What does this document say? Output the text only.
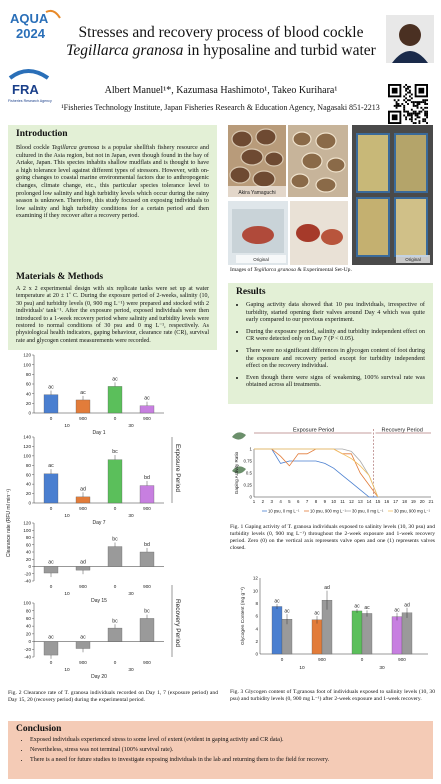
AQUA
2024
FRA
Fisheries Research Agency
Stresses and recovery process of blood cockle
Tegillarca granosa in hyposaline and turbid water
Albert Manuel¹*, Kazumasa Hashimoto¹, Takeo Kurihara¹
¹Fisheries Technology Institute, Japan Fisheries Research & Education Agency, Nagasaki 851-2213
Introduction
Blood cockle Tegillarca granosa is a popular shellfish fishery resource and cultured in the Asia region, but not in Japan, even though found in the bay of Ariake, Japan. This species inhabits shallow mudflats and is thought to have a high tolerance level against different types of stressors. However, with on-going changes to coastal marine environmental factors due to anthropogenic changes, climate change, etc., this particular species tolerance level to prolonged low salinity and high turbidity levels which occur during the rainy season is unknown. Therefore, this study focused on exposing individuals to low salinity and high turbidity conditions for a certain period and then examining if they recover after a recovery period.
Akira Yamaguchi
Original	Original
Images of Tegillarca granosa & Experimental Set-Up.
Materials & Methods
A 2 x 2 experimental design with six replicate tanks were set up at water temperature at 20 ± 1˚ C. During the exposure period of 2-weeks, salinity (10, 30 psu) and turbidity levels (0, 900 mg L⁻¹) were prepared and stocked with 2 individuals' tank⁻¹. After the exposure period, exposed individuals were then introduced to a 1-week recovery period where salinity and turbidity levels were restored to normal conditions of 30 psu and 0 mg L⁻¹, respectively. As physiological health indicators, gaping behaviour, clearance rate (CR), survival rate and glycogen content measurements were recorded.
Results
• Gaping activity data showed that 10 psu individuals, irrespective of turbidity, started opening their valves around Day 4 which was quite early compared to our previous experiment.
• During the exposure period, salinity and turbidity independent effect on CR were detected only on Day 7 (P < 0.05).
• There were no significant differences in glycogen content of foot during the exposure and recovery period except for turbidity independent effect on the recovery individual.
• Even though there were signs of weakening, 100% survival rate was obtained across all treatments.
0
20
40
60
80
100
120
ac
0
ac
900
ac
0
ac
900
10	30
Day 1
0
20
40
60
80
100
120
140
ac
0
ad
900
bc
0
bd
900
10	30
Day 7
-40
-20
0
20
40
60
80
100
120
ac
0
ad
900
bc
0
bd
900
10	30
Day 15
-40
-20
0
20
40
60
80
100
ac
0
ac
900
bc
0
bc
900
10	30
Day 20
Clearance rate (RFU ml min⁻¹)
Exposure Period
Recovery Period
Fig. 2 Clearance rate of T. granosa individuals recorded on Day 1, 7 (exposure period) and Day 15, 20 (recovery period) during the experimental period.
Exposure Period	Recovery Period
0
0.25
0.5
0.75
1
1 2 3 4 5 6 7 8 9 10 11 12 13 14 15 16 17 18 19 20 21
Gaping Activity Ratio
10 psu, 0 mg L⁻¹	10 psu, 900 mg L⁻¹ 30 psu, 0 mg L⁻¹	30 psu, 900 mg L⁻¹
Fig. 1 Gaping activity of T. granosa individuals exposed to salinity levels (10, 30 psu) and turbidity levels (0, 900 mg L⁻¹) throughout the 2-week exposure and 1-week recovery period. Zero (0) on the vertical axis represents valve open and one (1) represents valves closed.
0
2
4
6
8
10
12
Glycogen Content (mg g⁻¹)	ac
ac
0
ac
ad
900
ac ac
0
ac
ad
900
10	30
Fig. 3 Glycogen content of T.granosa foot of individuals exposed to salinity levels (10, 30 psu) and turbidity levels (0, 900 mg L⁻¹) after 2-week exposure and 1-week recovery.
Conclusion
• Exposed individuals experienced stress to some level of extent (evident in gaping activity and CR data).
• Nevertheless, stress was not terminal (100% survival rate).
• There is a need for future studies to investigate exposing individuals in the lab and returning them to the field for recovery.
